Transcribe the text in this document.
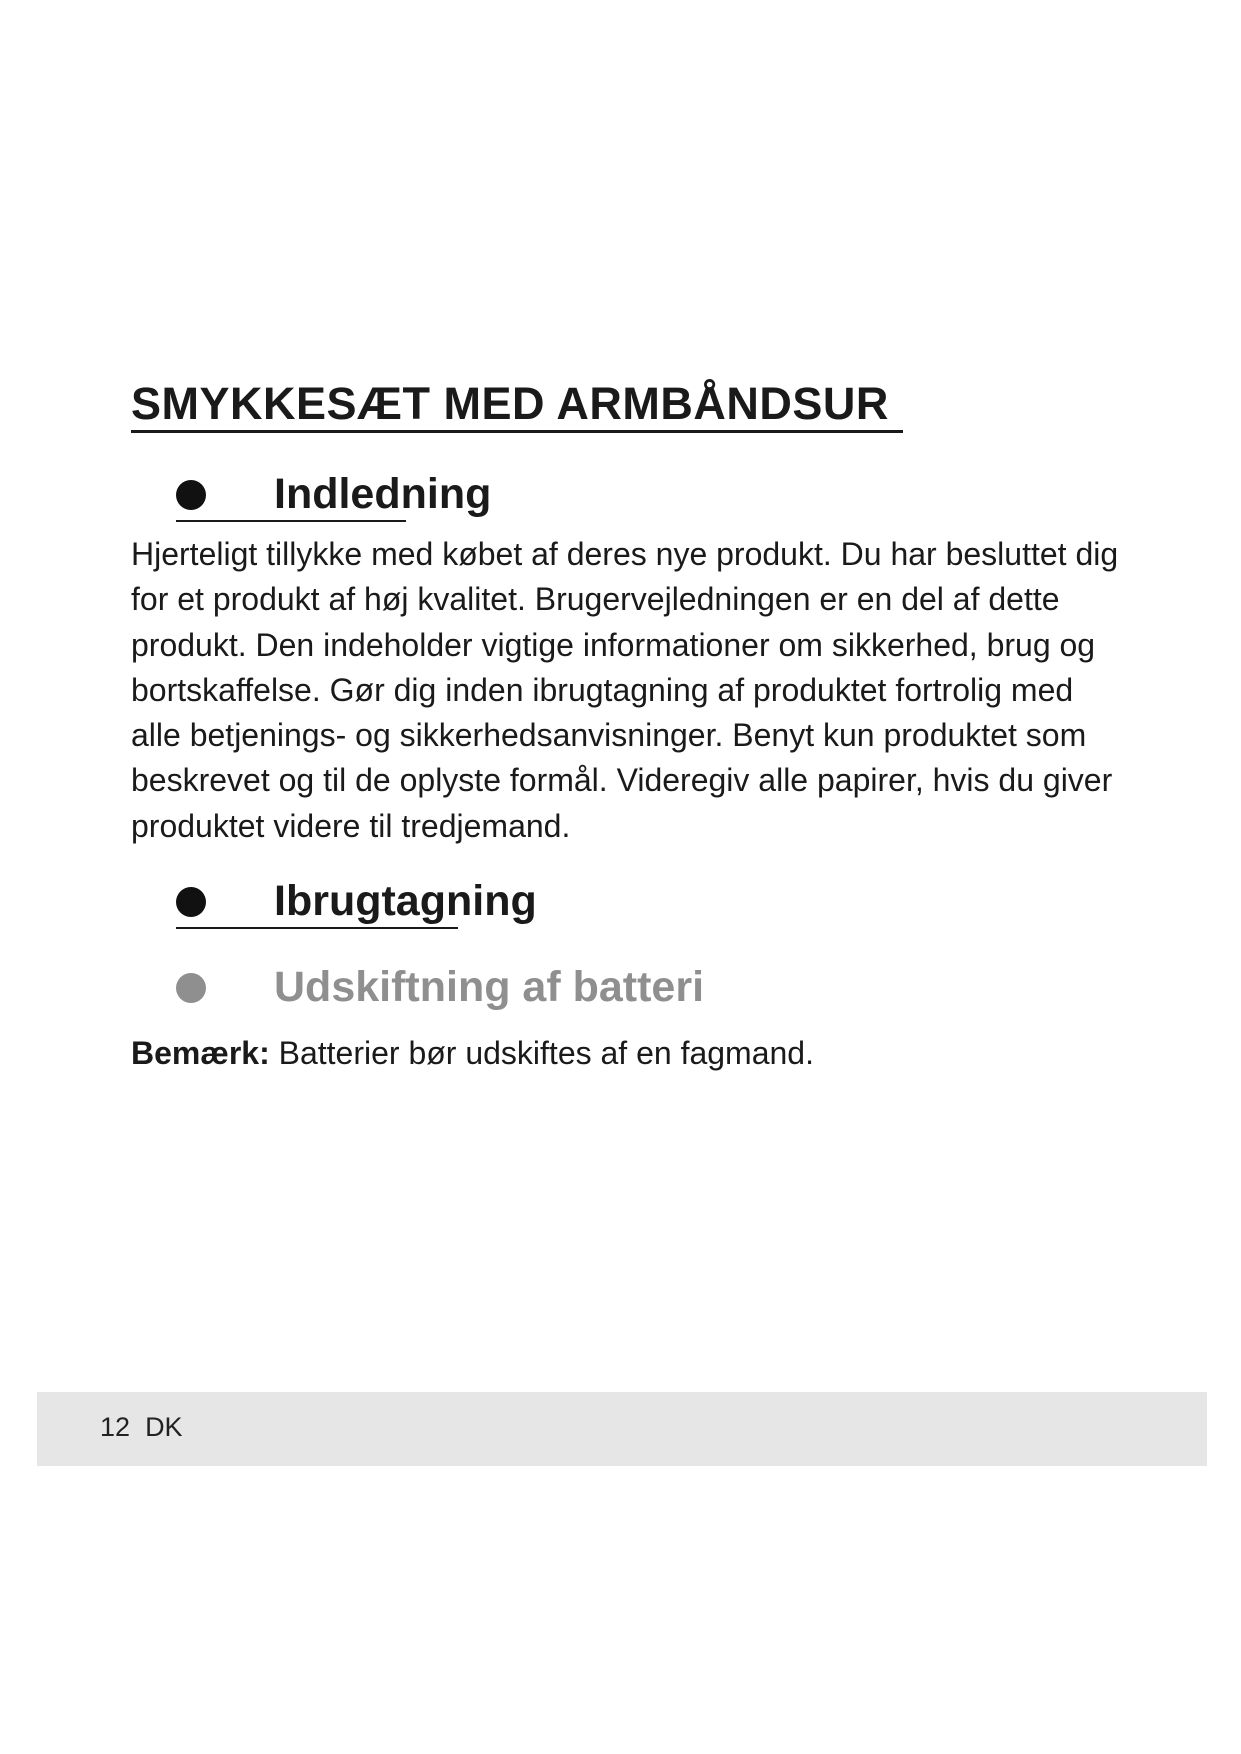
SMYKKESÆT MED ARMBÅNDSUR
Indledning

Hjerteligt tillykke med købet af deres nye produkt. Du har besluttet dig for et produkt af høj kvalitet. Brugervejledningen er en del af dette produkt. Den indeholder vigtige informationer om sikkerhed, brug og bortskaffelse. Gør dig inden ibrugtagning af produktet fortrolig med alle betjenings- og sikkerhedsanvisninger. Benyt kun produktet som beskrevet og til de oplyste formål. Videregiv alle papirer, hvis du giver produktet videre til tredjemand.

Ibrugtagning
Udskiftning af batteri

Bemærk: Batterier bør udskiftes af en fagmand.

12 DK
